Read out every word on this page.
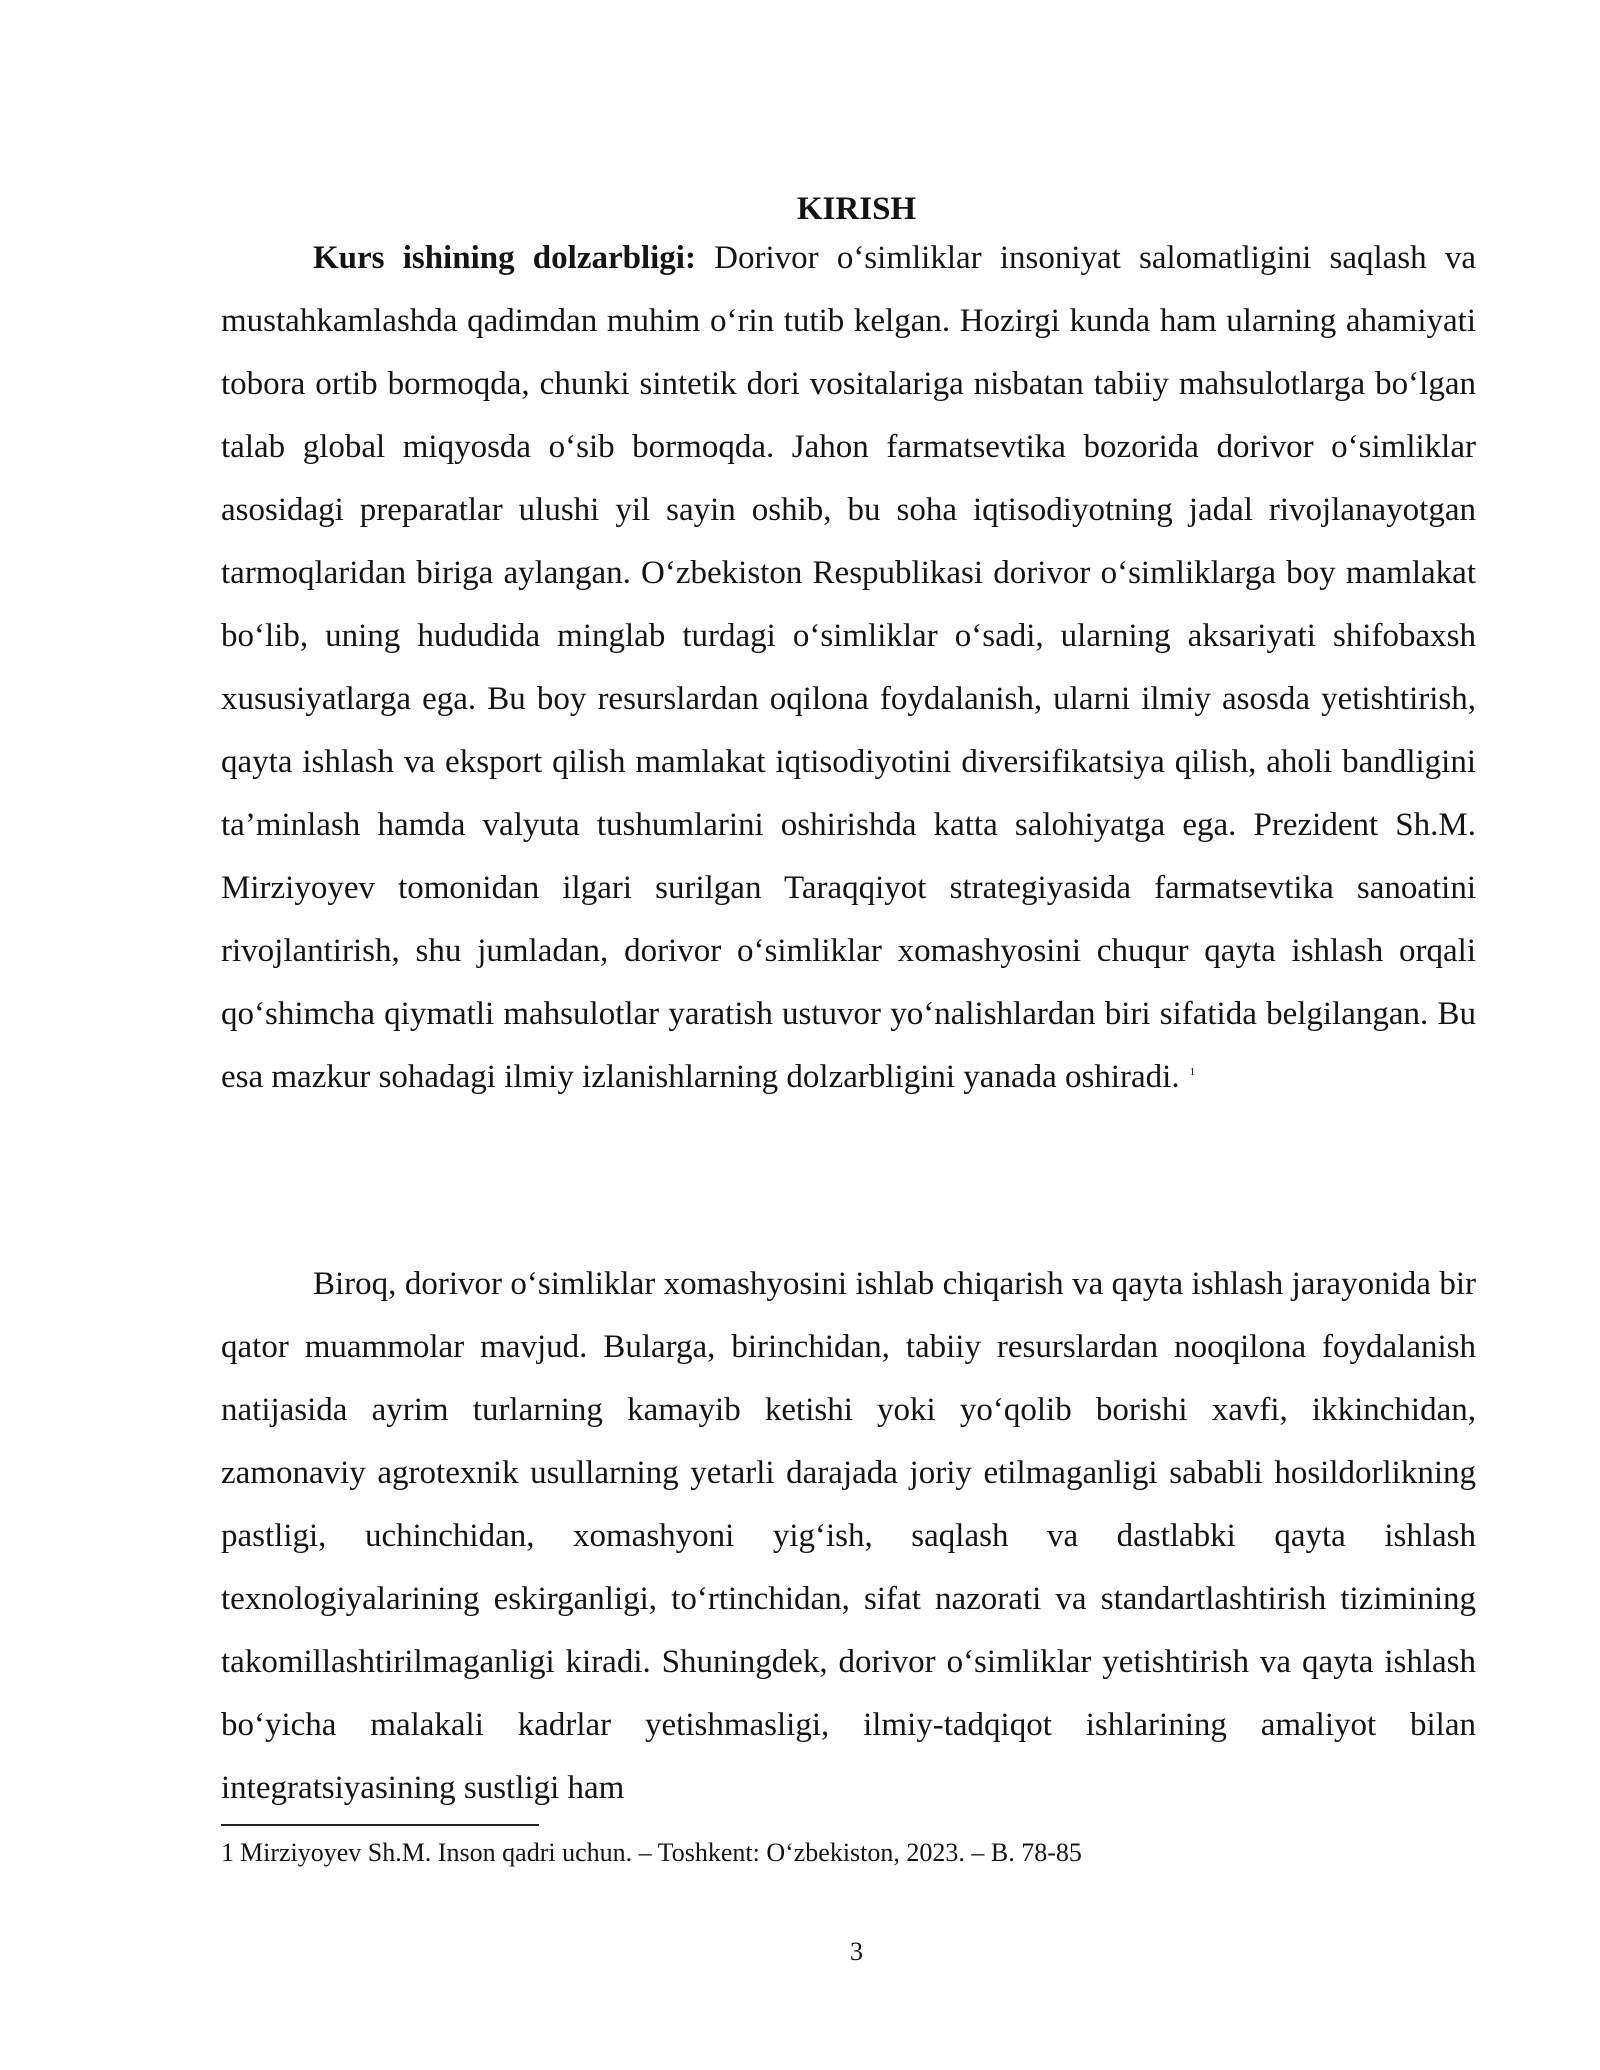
KIRISH

Kurs ishining dolzarbligi: Dorivor o‘simliklar insoniyat salomatligini saqlash va mustahkamlashda qadimdan muhim o‘rin tutib kelgan. Hozirgi kunda ham ularning ahamiyati tobora ortib bormoqda, chunki sintetik dori vositalariga nisbatan tabiiy mahsulotlarga bo‘lgan talab global miqyosda o‘sib bormoqda. Jahon farmatsevtika bozorida dorivor o‘simliklar asosidagi preparatlar ulushi yil sayin oshib, bu soha iqtisodiyotning jadal rivojlanayotgan tarmoqlaridan biriga aylangan. O‘zbekiston Respublikasi dorivor o‘simliklarga boy mamlakat bo‘lib, uning hududida minglab turdagi o‘simliklar o‘sadi, ularning aksariyati shifobaxsh xususiyatlarga ega. Bu boy resurslardan oqilona foydalanish, ularni ilmiy asosda yetishtirish, qayta ishlash va eksport qilish mamlakat iqtisodiyotini diversifikatsiya qilish, aholi bandligini ta’minlash hamda valyuta tushumlarini oshirishda katta salohiyatga ega. Prezident Sh.M. Mirziyoyev tomonidan ilgari surilgan Taraqqiyot strategiyasida farmatsevtika sanoatini rivojlantirish, shu jumladan, dorivor o‘simliklar xomashyosini chuqur qayta ishlash orqali qo‘shimcha qiymatli mahsulotlar yaratish ustuvor yo‘nalishlardan biri sifatida belgilangan. Bu esa mazkur sohadagi ilmiy izlanishlarning dolzarbligini yanada oshiradi. $^1$

Biroq, dorivor o‘simliklar xomashyosini ishlab chiqarish va qayta ishlash jarayonida bir qator muammolar mavjud. Bularga, birinchidan, tabiiy resurslardan nooqilona foydalanish natijasida ayrim turlarning kamayib ketishi yoki yo‘qolib borishi xavfi, ikkinchidan, zamonaviy agrotexnik usullarning yetarli darajada joriy etilmaganligi sababli hosildorlikning pastligi, uchinchidan, xomashyoni yig‘ish, saqlash va dastlabki qayta ishlash texnologiyalarining eskirganligi, to‘rtinchidan, sifat nazorati va standartlashtirish tizimining takomillashtirilmaganligi kiradi. Shuningdek, dorivor o‘simliklar yetishtirish va qayta ishlash bo‘yicha malakali kadrlar yetishmasligi, ilmiy-tadqiqot ishlarining amaliyot bilan integratsiyasining sustligi ham

1 Mirziyoyev Sh.M. Inson qadri uchun. – Toshkent: O‘zbekiston, 2023. – B. 78-85

3
